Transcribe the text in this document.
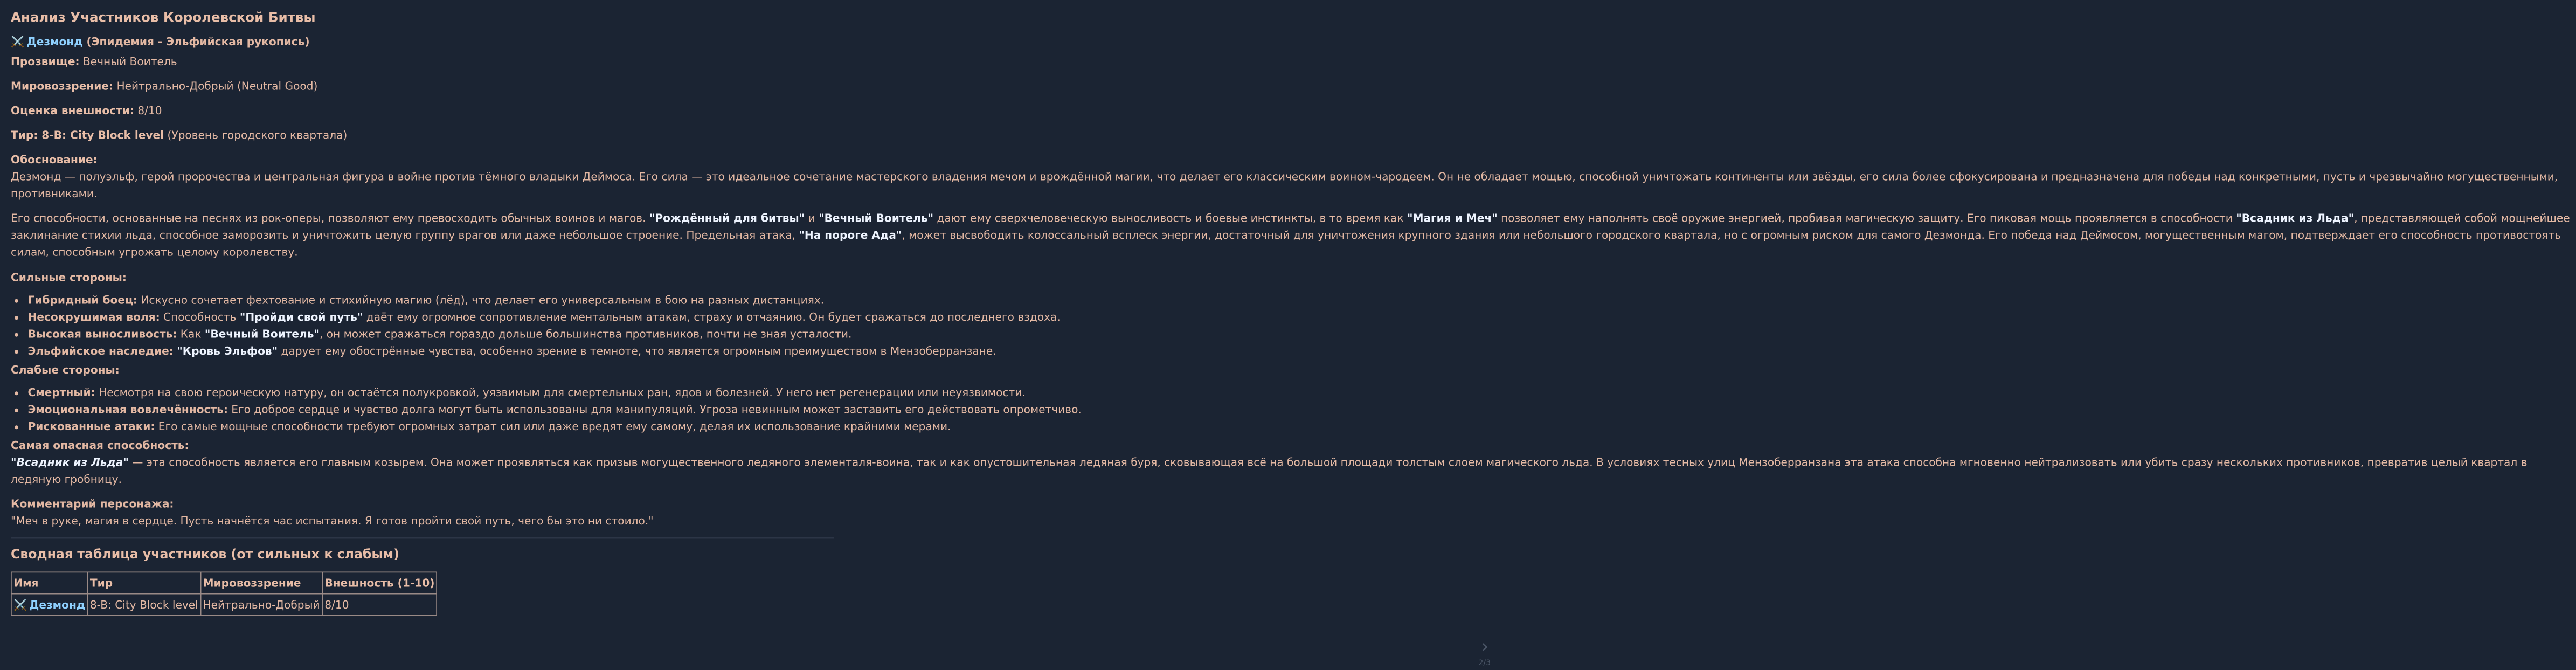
Анализ Участников Королевской Битвы

⚔️ Дезмонд (Эпидемия - Эльфийская рукопись)

Прозвище: Вечный Воитель

Мировоззрение: Нейтрально-Добрый (Neutral Good)

Оценка внешности: 8/10

Тир: 8-B: City Block level (Уровень городского квартала)

Обоснование:
Дезмонд — полуэльф, герой пророчества и центральная фигура в войне против тёмного владыки Деймоса. Его сила — это идеальное сочетание мастерского владения мечом и врождённой магии, что делает его классическим воином-чародеем. Он не обладает мощью, способной уничтожать континенты или звёзды, его сила более сфокусирована и предназначена для победы над конкретными, пусть и чрезвычайно могущественными, противниками.

Его способности, основанные на песнях из рок-оперы, позволяют ему превосходить обычных воинов и магов. "Рождённый для битвы" и "Вечный Воитель" дают ему сверхчеловеческую выносливость и боевые инстинкты, в то время как "Магия и Меч" позволяет ему наполнять своё оружие энергией, пробивая магическую защиту. Его пиковая мощь проявляется в способности "Всадник из Льда", представляющей собой мощнейшее заклинание стихии льда, способное заморозить и уничтожить целую группу врагов или даже небольшое строение. Предельная атака, "На пороге Ада", может высвободить колоссальный всплеск энергии, достаточный для уничтожения крупного здания или небольшого городского квартала, но с огромным риском для самого Дезмонда. Его победа над Деймосом, могущественным магом, подтверждает его способность противостоять силам, способным угрожать целому королевству.

Сильные стороны:

• Гибридный боец: Искусно сочетает фехтование и стихийную магию (лёд), что делает его универсальным в бою на разных дистанциях.
• Несокрушимая воля: Способность "Пройди свой путь" даёт ему огромное сопротивление ментальным атакам, страху и отчаянию. Он будет сражаться до последнего вздоха.
• Высокая выносливость: Как "Вечный Воитель", он может сражаться гораздо дольше большинства противников, почти не зная усталости.
• Эльфийское наследие: "Кровь Эльфов" дарует ему обострённые чувства, особенно зрение в темноте, что является огромным преимуществом в Мензоберранзане.

Слабые стороны:

• Смертный: Несмотря на свою героическую натуру, он остаётся полукровкой, уязвимым для смертельных ран, ядов и болезней. У него нет регенерации или неуязвимости.
• Эмоциональная вовлечённость: Его доброе сердце и чувство долга могут быть использованы для манипуляций. Угроза невинным может заставить его действовать опрометчиво.
• Рискованные атаки: Его самые мощные способности требуют огромных затрат сил или даже вредят ему самому, делая их использование крайними мерами.

Самая опасная способность:

"Всадник из Льда" — эта способность является его главным козырем. Она может проявляться как призыв могущественного ледяного элементаля-воина, так и как опустошительная ледяная буря, сковывающая всё на большой площади толстым слоем магического льда. В условиях тесных улиц Мензоберранзана эта атака способна мгновенно нейтрализовать или убить сразу нескольких противников, превратив целый квартал в ледяную гробницу.

Комментарий персонажа:
"Меч в руке, магия в сердце. Пусть начнётся час испытания. Я готов пройти свой путь, чего бы это ни стоило."

Сводная таблица участников (от сильных к слабым)
Имя	Тир	Мировоззрение	Внешность (1-10)
⚔️ Дезмонд	8-B: City Block level	Нейтрально-Добрый	8/10
›
2/3
